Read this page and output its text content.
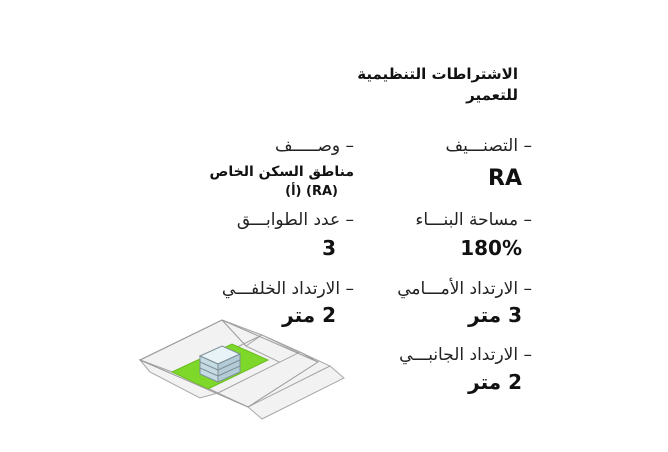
الاشتراطات التنظيمية
للتعمير
– التصنـــيف
RA
– مساحة البنـــاء
180%
– الارتداد الأمـــامي
3 متر
– الارتداد الجانبـــي
2 متر
– وصـــــف
مناطق السكن الخاص
(RA) (أ)
– عدد الطوابـــق
3
– الارتداد الخلفـــي
2 متر
